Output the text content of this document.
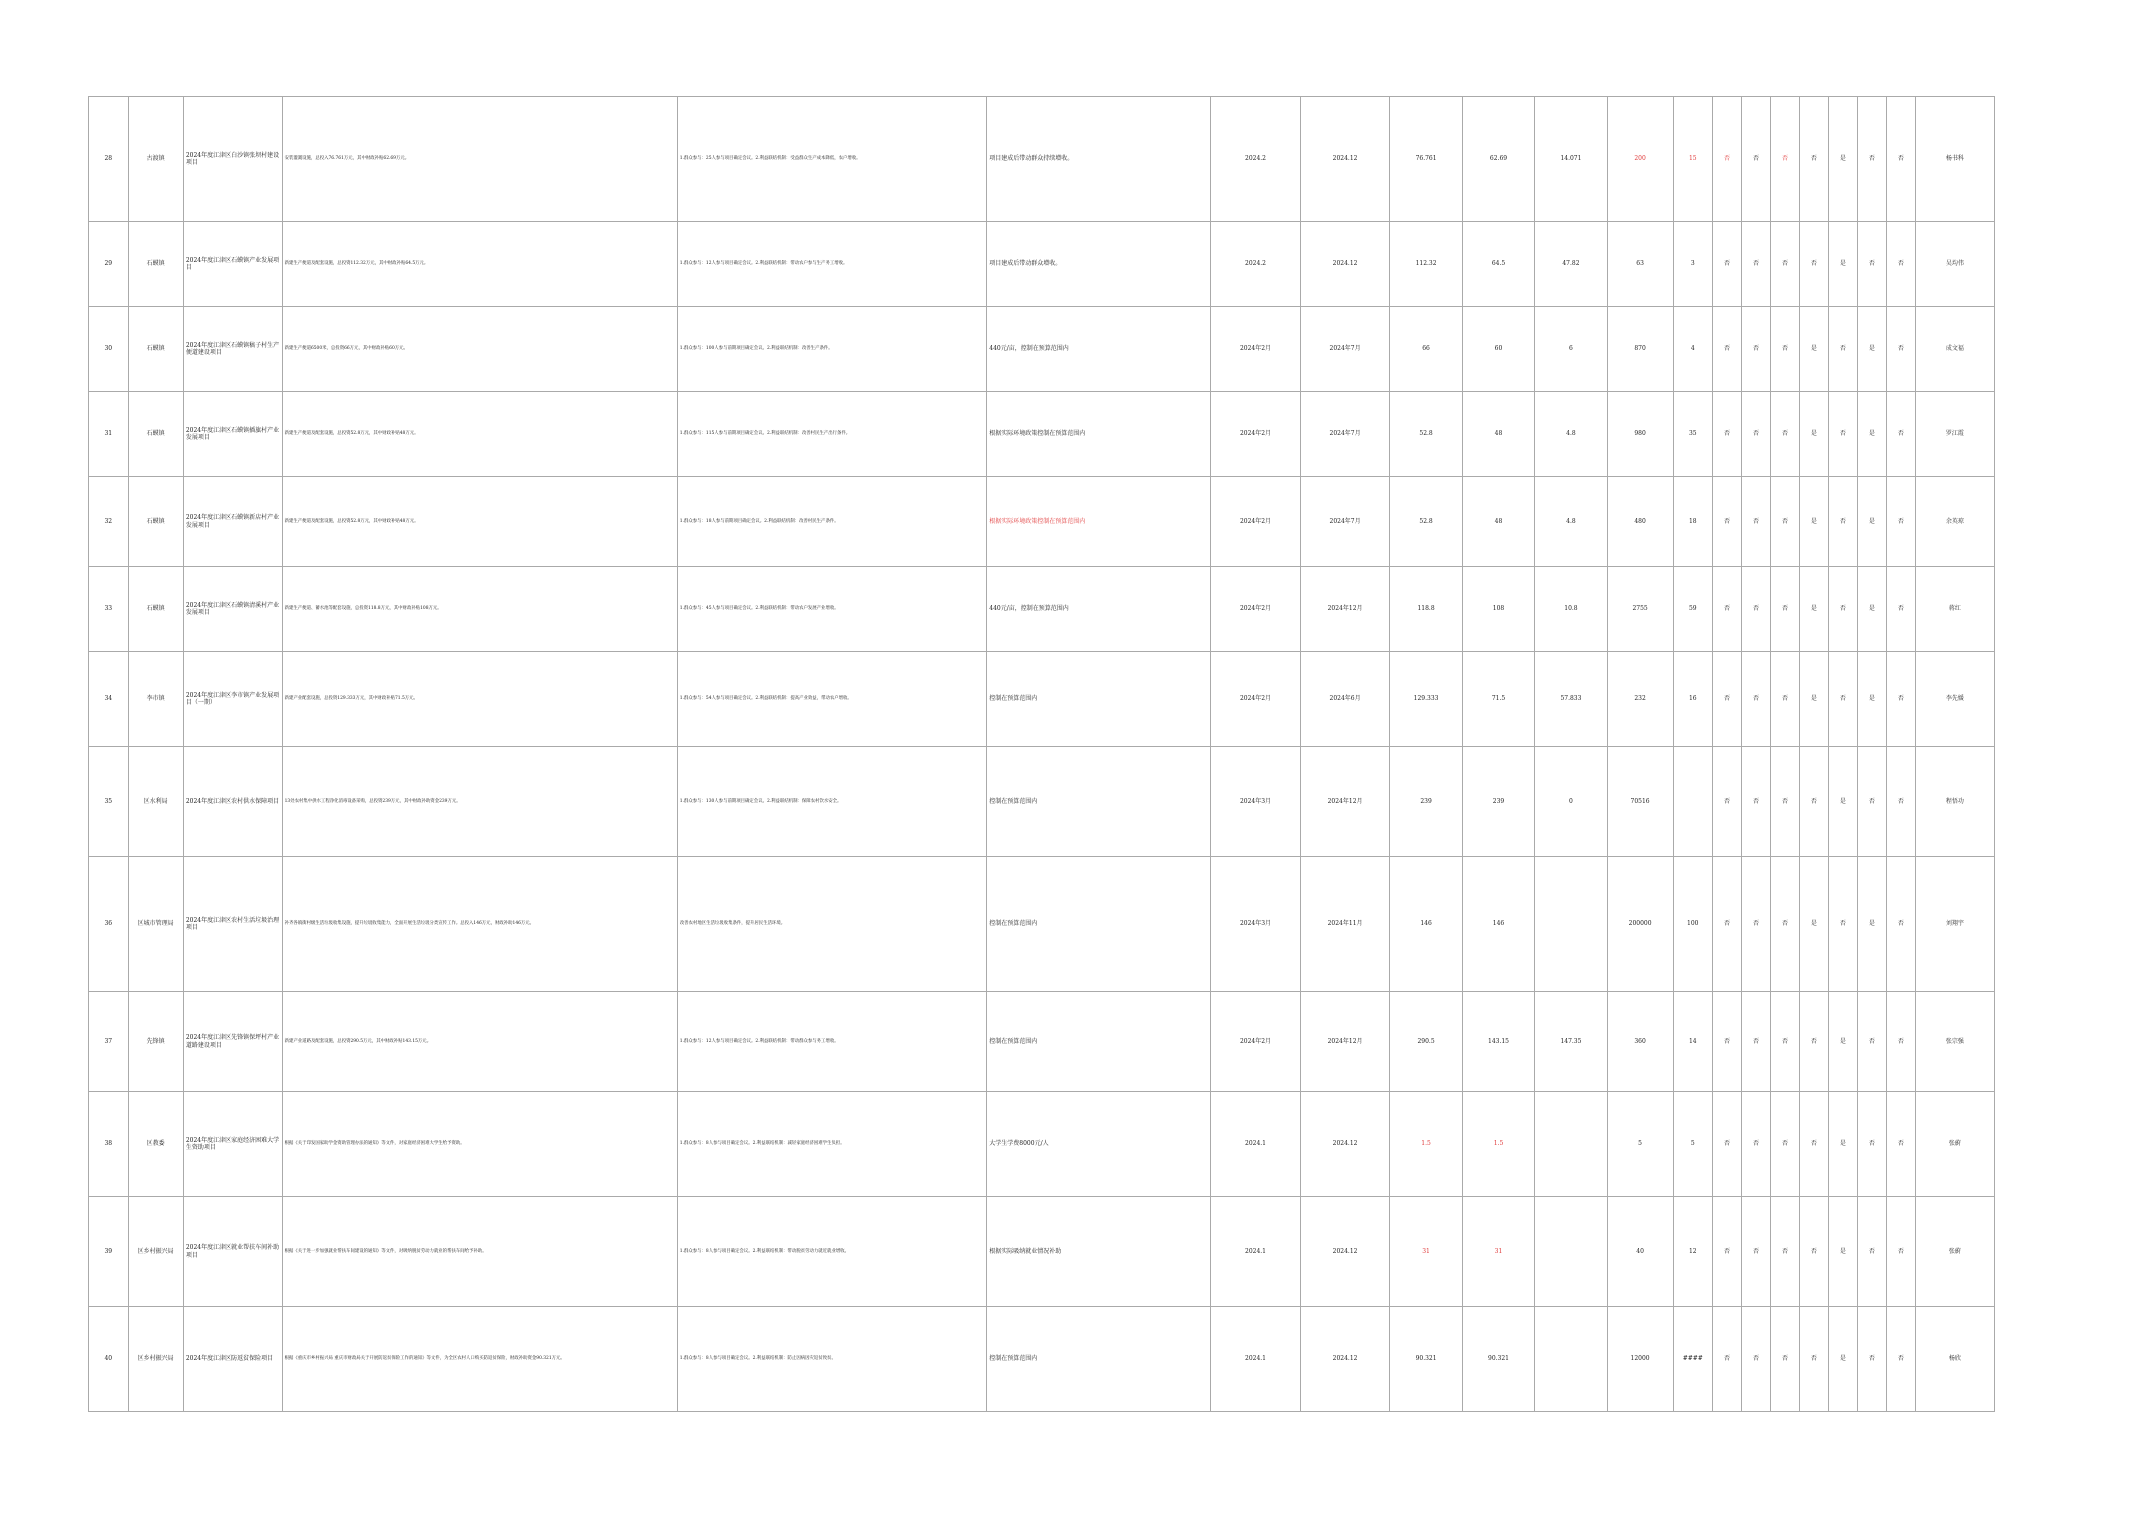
28	古渡镇	2024年度江津区白沙镇张坝村建设项目	安装灌溉设施，总投入76.761万元，其中财政补贴62.69万元。	1.群众参与：25人参与项目确定会议。2.利益联结机制：受益群众生产成本降低，农户增收。	项目建成后带动群众持续增收。	2024.2	2024.12	76.761	62.69	14.071	200	15	否	否	否	否	是	否	否	杨书科
29	石蟆镇	2024年度江津区石蟆镇产业发展项目	新建生产便道及配套设施，总投资112.32万元，其中财政补贴64.5万元。	1.群众参与：12人参与项目确定会议。2.利益联结机制：带动农户参与生产务工增收。	项目建成后带动群众增收。	2024.2	2024.12	112.32	64.5	47.82	63	3	否	否	否	否	是	否	否	吴均伟
30	石蟆镇	2024年度江津区石蟆镇稿子村生产便道建设项目	新建生产便道6500米，总投资66万元，其中财政补贴60万元。	1.群众参与：100人参与前期项目确定会议。2.利益联结机制：改善生产条件。	440元/亩，控制在预算范围内	2024年2月	2024年7月	66	60	6	870	4	否	否	否	是	否	是	否	成文福
31	石蟆镇	2024年度江津区石蟆镇插旗村产业发展项目	新建生产便道及配套设施，总投资52.8万元，其中财政补贴48万元。	1.群众参与：115人参与前期项目确定会议。2.利益联结机制：改善村民生产出行条件。	根据实际环境政策控制在预算范围内	2024年2月	2024年7月	52.8	48	4.8	980	35	否	否	否	是	否	是	否	罗江霞
32	石蟆镇	2024年度江津区石蟆镇新店村产业发展项目	新建生产便道及配套设施，总投资52.8万元，其中财政补贴48万元。	1.群众参与：18人参与前期项目确定会议。2.利益联结机制：改善村民生产条件。	根据实际环境政策控制在预算范围内	2024年2月	2024年7月	52.8	48	4.8	480	18	否	否	否	是	否	是	否	余英琼
33	石蟆镇	2024年度江津区石蟆镇清溪村产业发展项目	新建生产便道、蓄水池等配套设施，总投资118.8万元，其中财政补贴108万元。	1.群众参与：45人参与项目确定会议。2.利益联结机制：带动农户发展产业增收。	440元/亩，控制在预算范围内	2024年2月	2024年12月	118.8	108	10.8	2755	59	否	否	否	是	否	是	否	蒋红
34	李市镇	2024年度江津区李市镇产业发展项目（一期）	新建产业配套设施，总投资129.333万元，其中财政补贴71.5万元。	1.群众参与：54人参与项目确定会议。2.利益联结机制：提高产业效益，带动农户增收。	控制在预算范围内	2024年2月	2024年6月	129.333	71.5	57.833	232	16	否	否	否	是	否	是	否	李先媛
35	区水利局	2024年度江津区农村供水保障项目	13处农村集中供水工程净化消毒设备采购，总投资239万元，其中财政补助资金239万元。	1.群众参与：130人参与前期项目确定会议。2.利益联结机制：保障农村饮水安全。	控制在预算范围内	2024年3月	2024年12月	239	239	0	70516		否	否	否	否	是	否	否	程悟功
36	区城市管理局	2024年度江津区农村生活垃圾治理项目	补齐各镇街村级生活垃圾收集设施，提升垃圾收集能力，全面开展生活垃圾分类宣传工作。总投入146万元，财政补助146万元。	改善农村地区生活垃圾收集条件，提升居民生活环境。	控制在预算范围内	2024年3月	2024年11月	146	146		200000	100	否	否	否	是	否	是	否	刘翔宇
37	先锋镇	2024年度江津区先锋镇保坪村产业道路建设项目	新建产业道路及配套设施，总投资290.5万元，其中财政补贴143.15万元。	1.群众参与：12人参与项目确定会议。2.利益联结机制：带动群众参与务工增收。	控制在预算范围内	2024年2月	2024年12月	290.5	143.15	147.35	360	14	否	否	否	否	是	否	否	张宗强
38	区教委	2024年度江津区家庭经济困难大学生资助项目	根据《关于印发国家助学金资助管理办法的通知》等文件，对家庭经济困难大学生给予资助。	1.群众参与：8人参与项目确定会议。2.利益联结机制：减轻家庭经济困难学生负担。	大学生学费8000元/人	2024.1	2024.12	1.5	1.5		5	5	否	否	否	否	是	否	否	张蔚
39	区乡村振兴局	2024年度江津区就业帮扶车间补助项目	根据《关于进一步加强就业帮扶车间建设的通知》等文件，对吸纳脱贫劳动力就业的帮扶车间给予补助。	1.群众参与：8人参与项目确定会议。2.利益联结机制：带动脱贫劳动力就近就业增收。	根据实际吸纳就业情况补助	2024.1	2024.12	31	31		40	12	否	否	否	否	是	否	否	张蔚
40	区乡村振兴局	2024年度江津区防返贫保险项目	根据《重庆市乡村振兴局 重庆市财政局关于开展防返贫保险工作的通知》等文件，为全区农村人口购买防返贫保险，财政补助资金90.321万元。	1.群众参与：8人参与项目确定会议。2.利益联结机制：防止因病因灾返贫致贫。	控制在预算范围内	2024.1	2024.12	90.321	90.321		12000	####	否	否	否	否	是	否	否	杨欣
